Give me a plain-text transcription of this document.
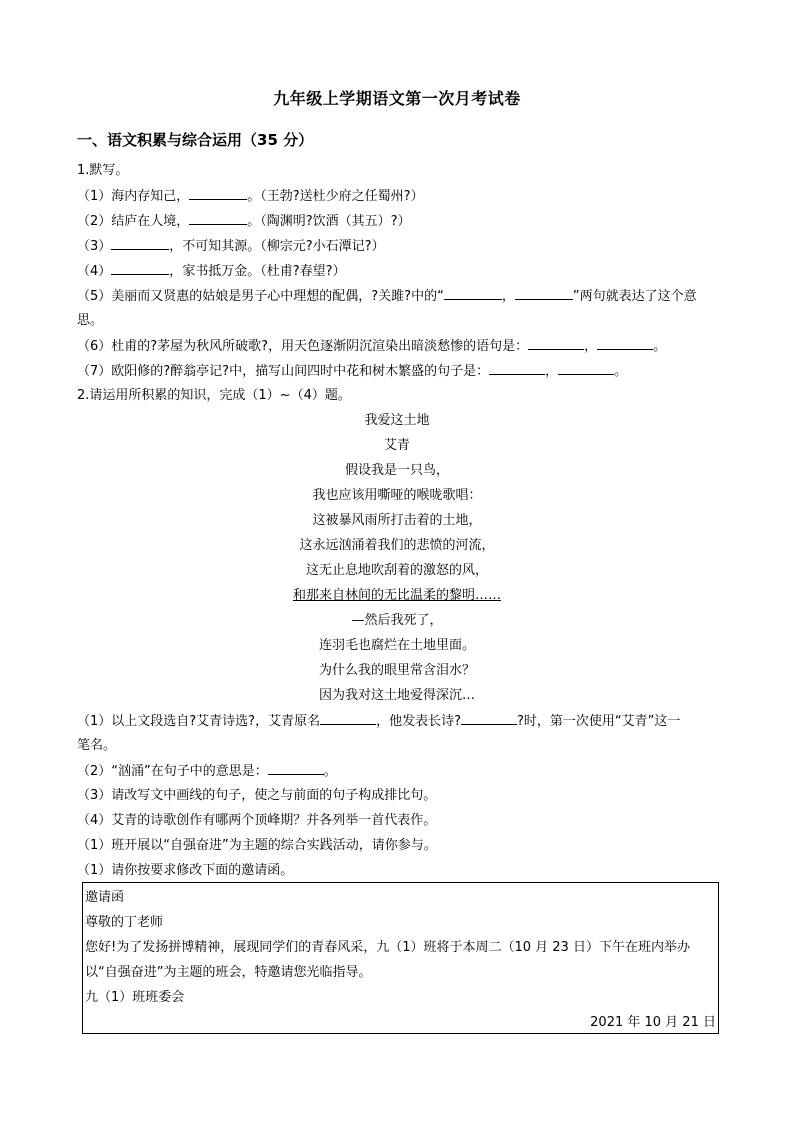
九年级上学期语文第一次月考试卷
一、语文积累与综合运用（35 分）
1.默写。
（1）海内存知己，	。（王勃?送杜少府之任蜀州?）
（2）结庐在人境，	。（陶渊明?饮酒（其五）?）
（3）	，不可知其源。（柳宗元?小石潭记?）
（4）	，家书抵万金。（杜甫?春望?）
（5）美丽而又贤惠的姑娘是男子心中理想的配偶，?关雎?中的“	，	”两句就表达了这个意
思。
（6）杜甫的?茅屋为秋风所破歌?，用天色逐渐阴沉渲染出暗淡愁惨的语句是：	，	。
（7）欧阳修的?醉翁亭记?中，描写山间四时中花和树木繁盛的句子是：	，	。
2.请运用所积累的知识，完成（1）~（4）题。
我爱这土地
艾青
假设我是一只鸟，
我也应该用嘶哑的喉咙歌唱：
这被暴风雨所打击着的土地，
这永远汹涌着我们的悲愤的河流，
这无止息地吹刮着的激怒的风，
和那来自林间的无比温柔的黎明……
—然后我死了，
连羽毛也腐烂在土地里面。
为什么我的眼里常含泪水？
因为我对这土地爱得深沉…
（1）以上文段选自?艾青诗选?，艾青原名	，他发表长诗?	?时，第一次使用“艾青”这一
笔名。
（2）“汹涌”在句子中的意思是：	。
（3）请改写文中画线的句子，使之与前面的句子构成排比句。
（4）艾青的诗歌创作有哪两个顶峰期？并各列举一首代表作。
（1）班开展以“自强奋进”为主题的综合实践活动，请你参与。
（1）请你按要求修改下面的邀请函。
邀请函
尊敬的丁老师
您好!为了发扬拼博精神，展现同学们的青春风采，九（1）班将于本周二（10 月 23 日）下午在班内举办
以“自强奋进”为主题的班会，特邀请您光临指导。
九（1）班班委会
2021 年 10 月 21 日
